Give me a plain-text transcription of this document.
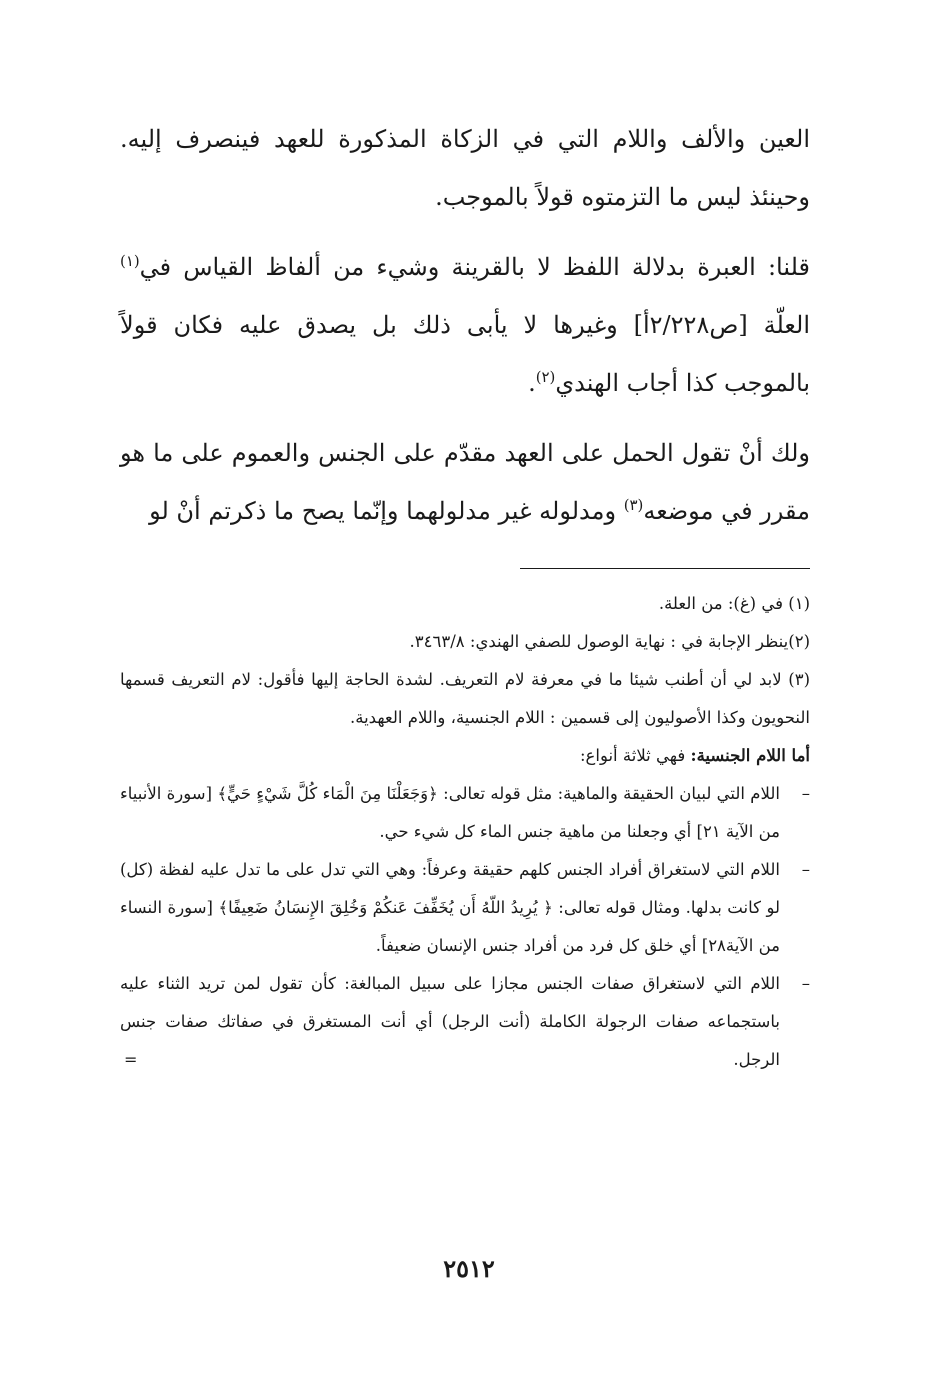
العين والألف واللام التي في الزكاة المذكورة للعهد فينصرف إليه. وحينئذ ليس ما التزمتوه قولاً بالموجب.

قلنا: العبرة بدلالة اللفظ لا بالقرينة وشيء من ألفاظ القياس في$^{(١)}$ العلّة [ص٢/٢٢٨أ] وغيرها لا يأبى ذلك بل يصدق عليه فكان قولاً بالموجب كذا أجاب الهندي$^{(٢)}$.

ولك أنْ تقول الحمل على العهد مقدّم على الجنس والعموم على ما هو مقرر في موضعه$^{(٣)}$ ومدلوله غير مدلولهما وإنّما يصح ما ذكرتم أنْ لو

(١) في (غ): من العلة.

(٢)ينظر الإجابة في : نهاية الوصول للصفي الهندي: ٣٤٦٣/٨.

(٣) لابد لي أن أطنب شيئا ما في معرفة لام التعريف. لشدة الحاجة إليها فأقول: لام التعريف قسمها النحويون وكذا الأصوليون إلى قسمين : اللام الجنسية، واللام العهدية.

أما اللام الجنسية: فهي ثلاثة أنواع:

–
اللام التي لبيان الحقيقة والماهية: مثل قوله تعالى: ﴿وَجَعَلْنَا مِنَ الْمَاء كُلَّ شَيْءٍ حَيٍّ﴾ [سورة الأنبياء من الآية ٢١] أي وجعلنا من ماهية جنس الماء كل شيء حي.
–
اللام التي لاستغراق أفراد الجنس كلهم حقيقة وعرفاً: وهي التي تدل على ما تدل عليه لفظة (كل) لو كانت بدلها. ومثال قوله تعالى: ﴿ يُرِيدُ اللّهُ أَن يُخَفِّفَ عَنكُمْ وَخُلِقَ الإِنسَانُ ضَعِيفًا﴾ [سورة النساء من الآية٢٨] أي خلق كل فرد من أفراد جنس الإنسان ضعيفاً.
–
اللام التي لاستغراق صفات الجنس مجازا على سبيل المبالغة: كأن تقول لمن تريد الثناء عليه باستجماعه صفات الرجولة الكاملة (أنت الرجل) أي أنت المستغرق في صفاتك صفات جنس الرجل.
=
٢٥١٢
